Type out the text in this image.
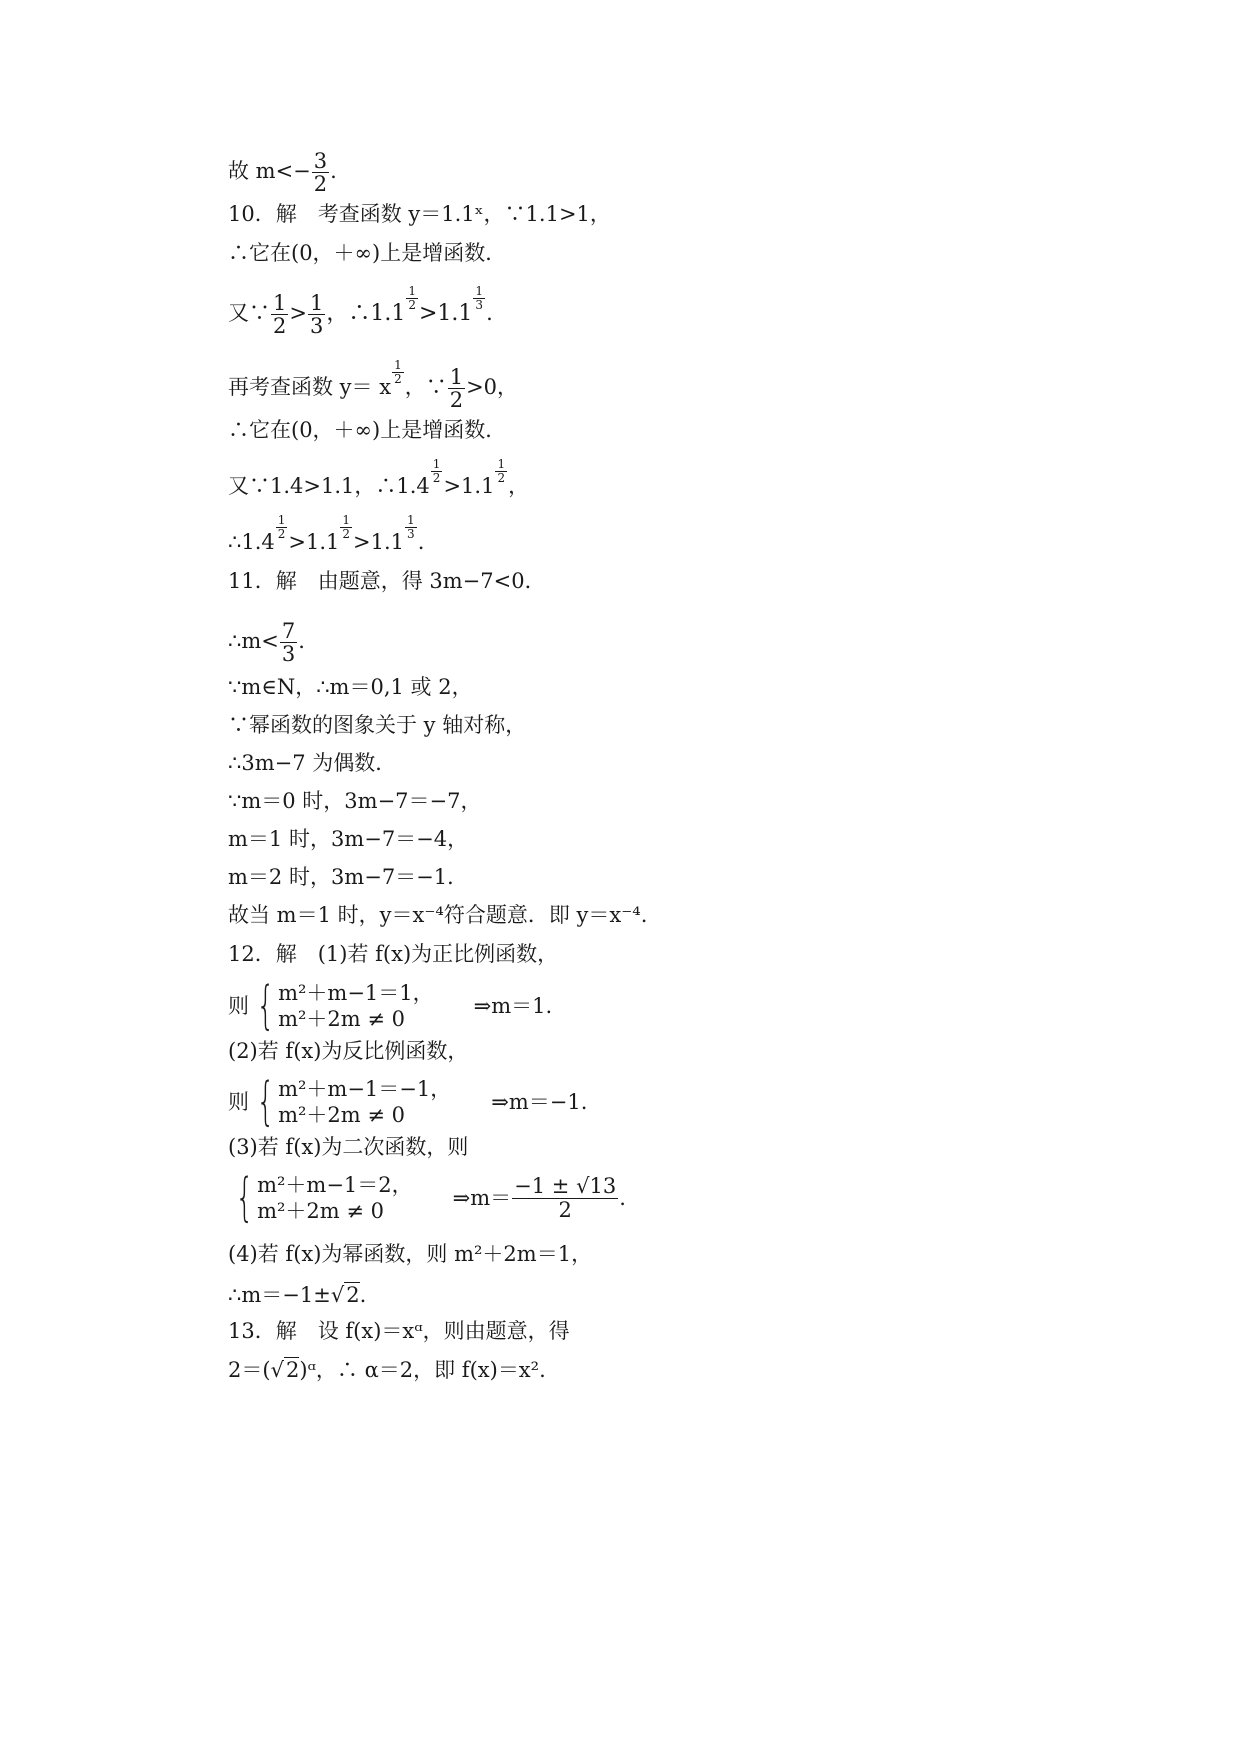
故 $m<- \frac{3}{2}$ .
10．解　考查函数 y＝1.1ˣ，∵1.1>1，
∴它在(0，＋∞)上是增函数．
又∵ $\frac{1}{2} > \frac{1}{3}$ ，∴1.1
$\frac{1}{2}$
>1.1
$\frac{1}{3}$
.
再考查函数 y＝ x
$\frac{1}{2}$
，∵ $\frac{1}{2} >0$，
∴它在(0，＋∞)上是增函数．
又∵1.4>1.1，∴1.4
$\frac{1}{2}$
>1.1
$\frac{1}{2}$
，
∴1.4
$\frac{1}{2}$
>1.1
$\frac{1}{2}$
>1.1
$\frac{1}{3}$
.
11．解　由题意，得 3m−7<0．
∴m< $\frac{7}{3}$ .
∵m∈N，∴m＝0,1 或 2，
∵幂函数的图象关于 y 轴对称，
∴3m−7 为偶数．
∵m＝0 时，3m−7＝−7，
m＝1 时，3m−7＝−4，
m＝2 时，3m−7＝−1．
故当 m＝1 时，y＝x⁻⁴符合题意．即 y＝x⁻⁴.
12．解　(1)若 f(x)为正比例函数，
则 { m²＋m−1＝1，
m²＋2m ≠ 0
⇒m＝1.
(2)若 f(x)为反比例函数，
则 { m²＋m−1＝−1，
m²＋2m ≠ 0
⇒m＝−1.
(3)若 f(x)为二次函数，则
{ m²＋m−1＝2，
m²＋2m ≠ 0
⇒m＝ $\frac{-1 \pm √13}{2}$ .
(4)若 f(x)为幂函数，则 m²＋2m＝1，
∴m＝−1±√2.
13．解　设 f(x)＝xᵅ，则由题意，得
2＝(√2)ᵅ，∴ α＝2，即 f(x)＝x².
